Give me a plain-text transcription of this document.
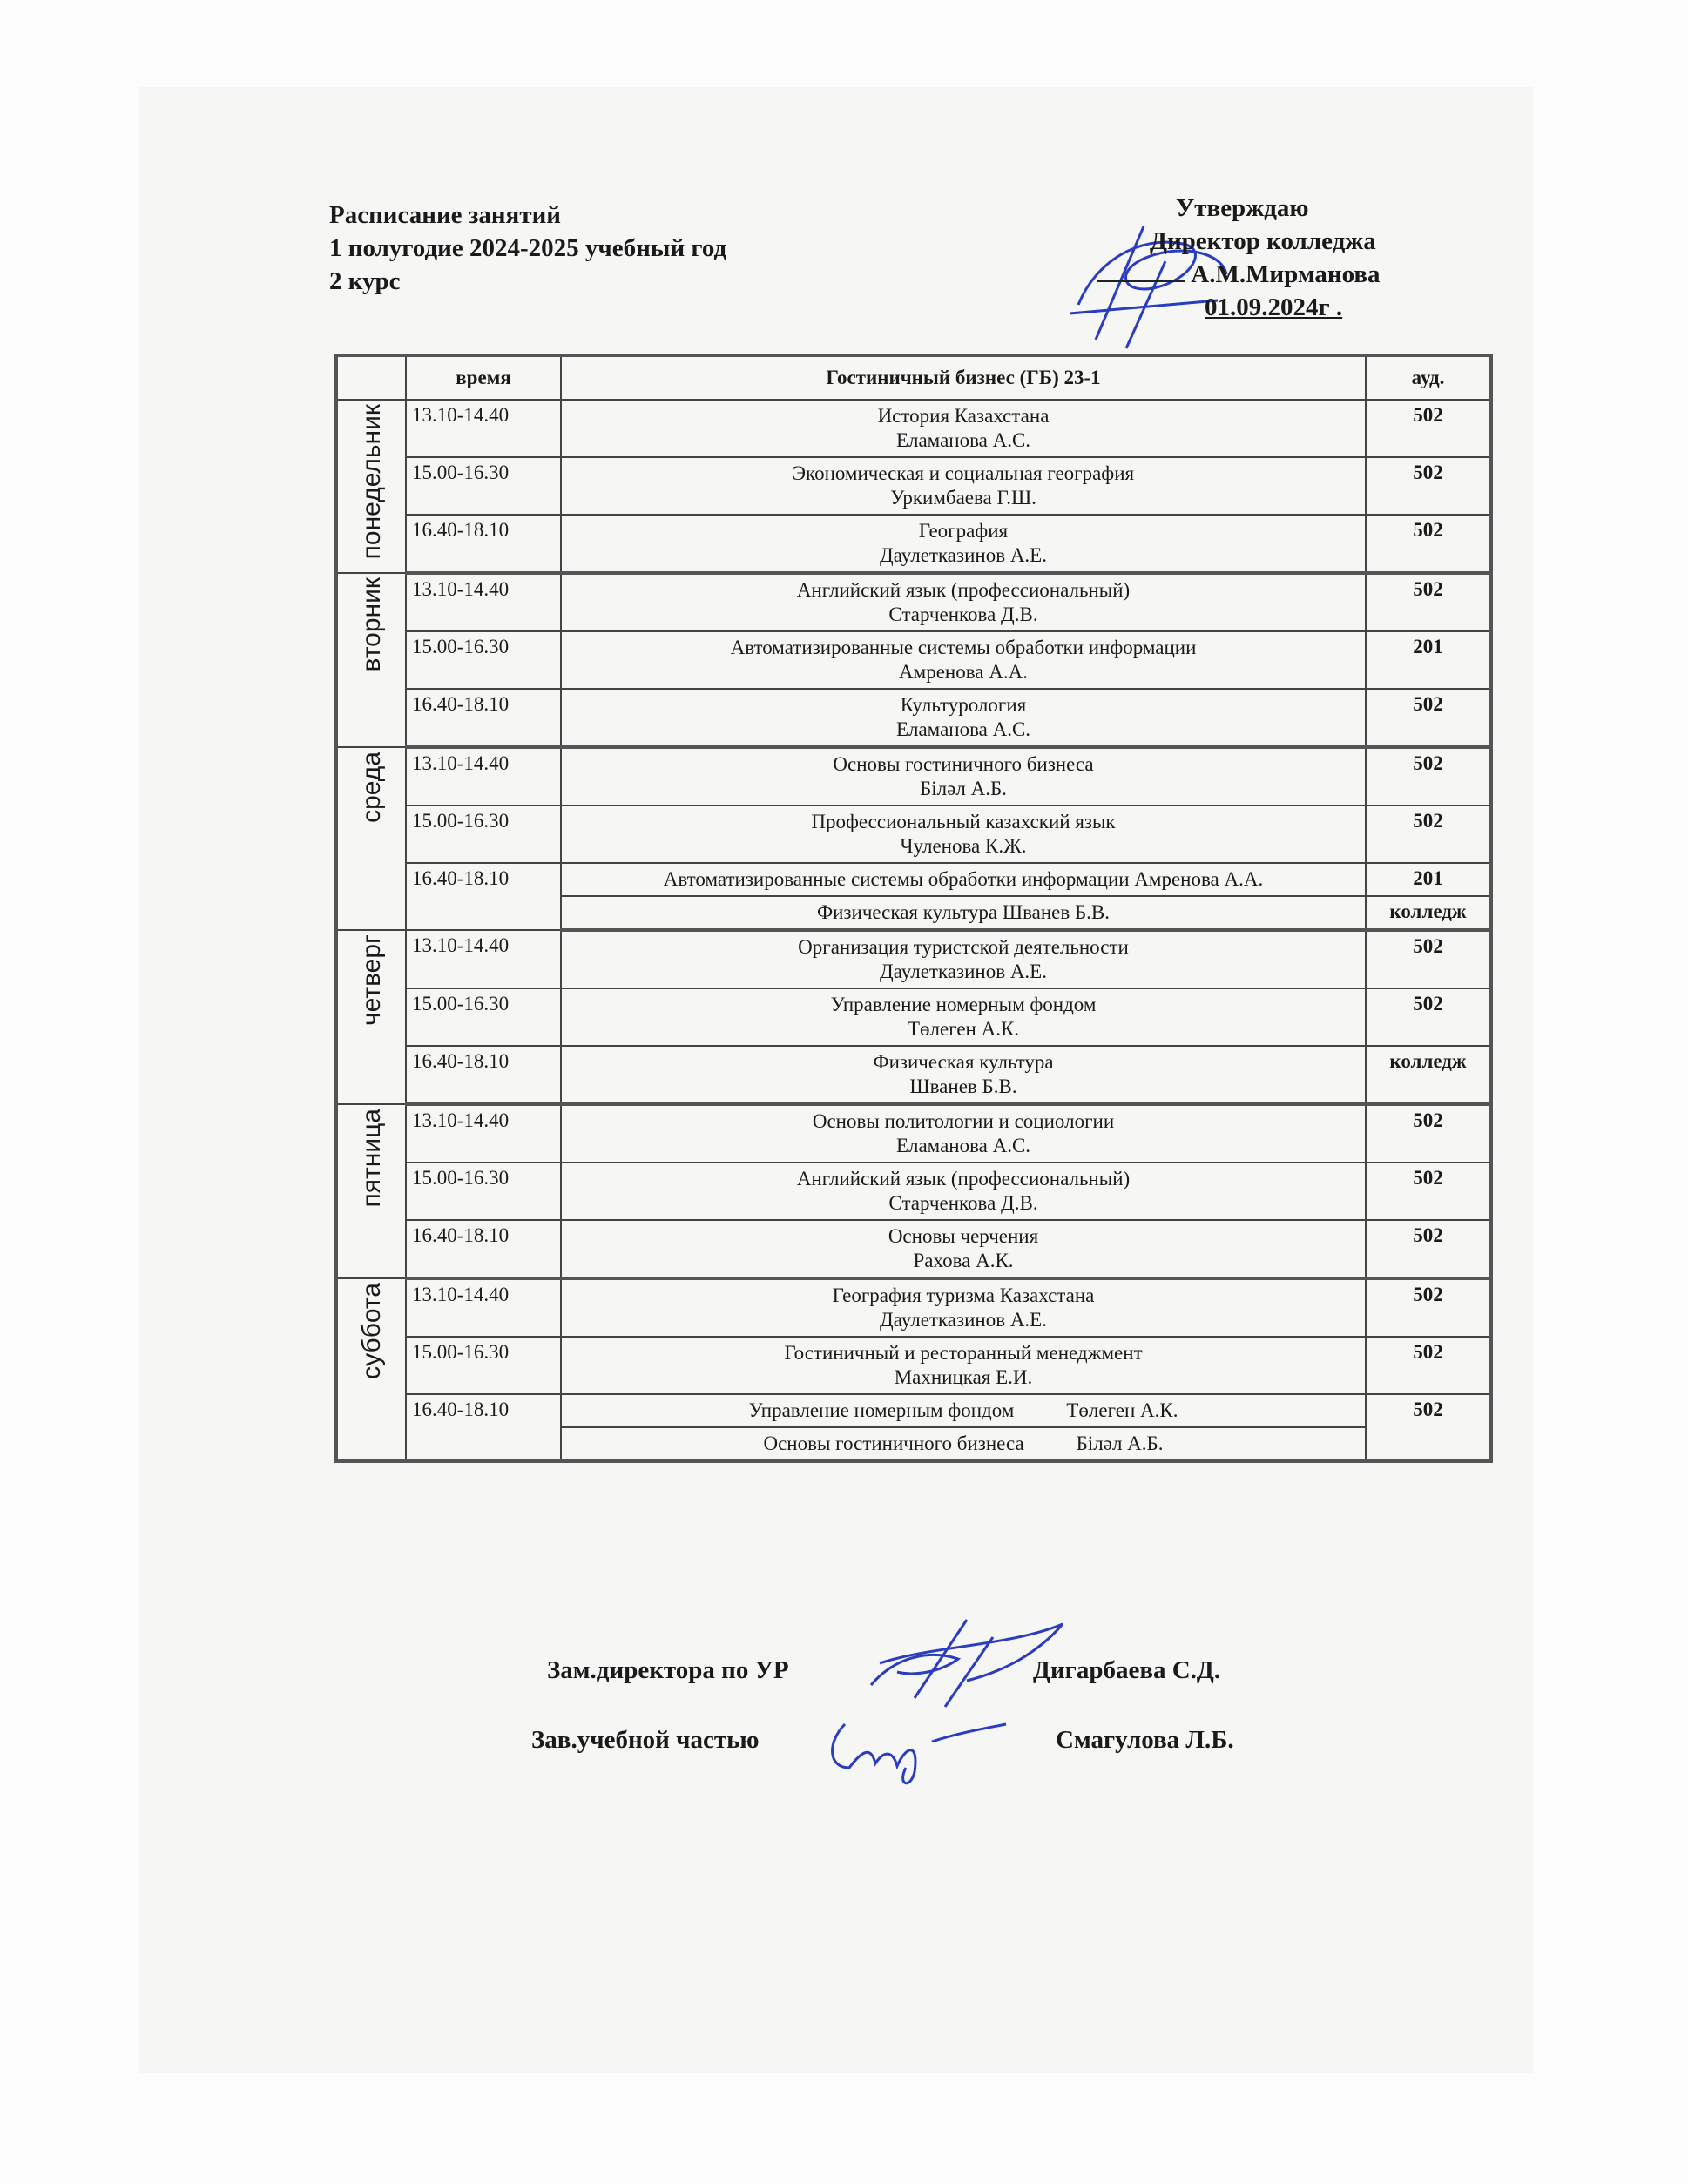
Расписание занятий
1 полугодие 2024-2025 учебный год
2 курс
Утверждаю
Директор колледжа
А.М.Мирманова
01.09.2024г .
	время	Гостиничный бизнес (ГБ) 23-1	ауд.
понедельник	13.10-14.40	История Казахстана
Еламанова А.С.	502
	15.00-16.30	Экономическая и социальная география
Уркимбаева Г.Ш.	502
	16.40-18.10	География
Даулетказинов А.Е.	502
вторник	13.10-14.40	Английский язык (профессиональный)
Старченкова Д.В.	502
	15.00-16.30	Автоматизированные системы обработки информации
Амренова А.А.	201
	16.40-18.10	Культурология
Еламанова А.С.	502
среда	13.10-14.40	Основы гостиничного бизнеса
Біләл А.Б.	502
	15.00-16.30	Профессиональный казахский язык
Чуленова К.Ж.	502
	16.40-18.10	Автоматизированные системы обработки информации Амренова А.А.	201
		Физическая культура Шванев Б.В.	колледж
четверг	13.10-14.40	Организация туристской деятельности
Даулетказинов А.Е.	502
	15.00-16.30	Управление номерным фондом
Төлеген А.К.	502
	16.40-18.10	Физическая культура
Шванев Б.В.	колледж
пятница	13.10-14.40	Основы политологии и социологии
Еламанова А.С.	502
	15.00-16.30	Английский язык (профессиональный)
Старченкова Д.В.	502
	16.40-18.10	Основы черчения
Рахова А.К.	502
суббота	13.10-14.40	География туризма Казахстана
Даулетказинов А.Е.	502
	15.00-16.30	Гостиничный и ресторанный менеджмент
Махницкая Е.И.	502
	16.40-18.10	Управление номерным фондом Төлеген А.К.	502
		Основы гостиничного бизнеса Біләл А.Б.	
Зам.директора по УР	Дигарбаева С.Д.
Зав.учебной частью	Смагулова Л.Б.
